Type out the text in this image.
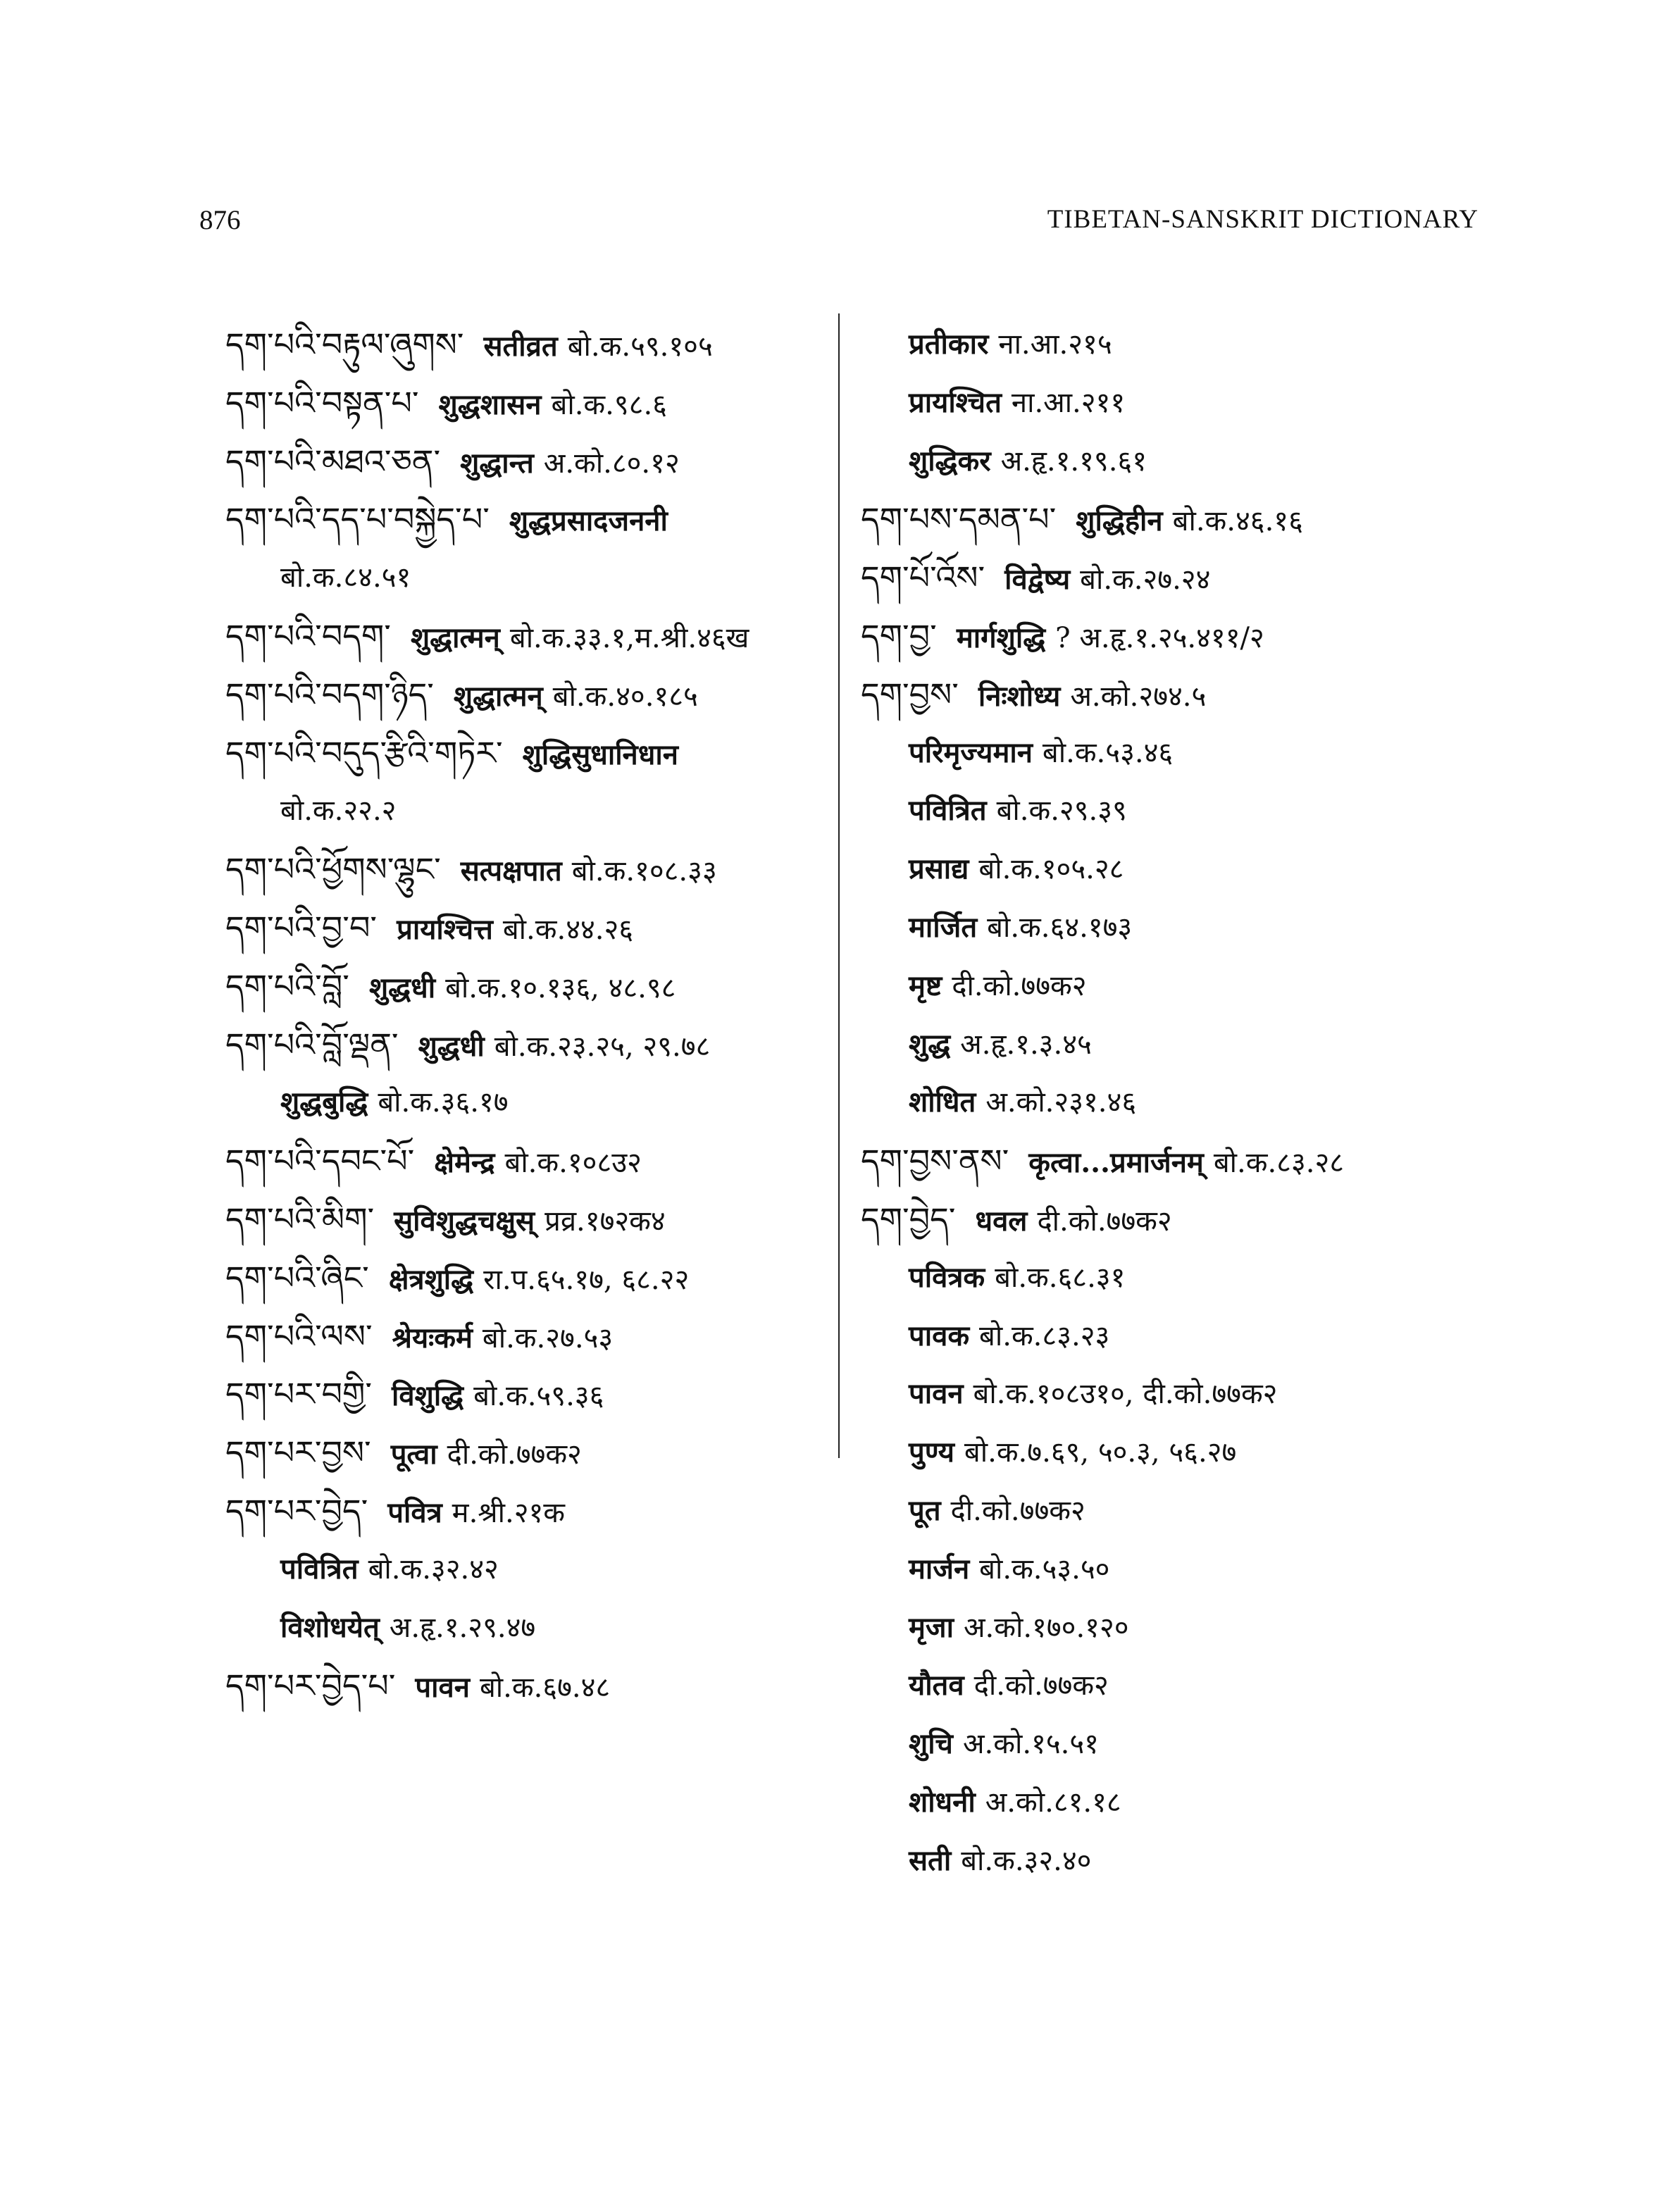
876	TIBETAN-SANSKRIT DICTIONARY
དག་པའི་བརྟུལ་ཞུགས་ सतीव्रत बो.क.५९.१०५
དག་པའི་བསྟན་པ་ शुद्धशासन बो.क.९८.६
དག་པའི་མཐའ་ཅན་ शुद्धान्त अ.को.८०.१२
དག་པའི་དད་པ་བསྐྱེད་པ་ शुद्धप्रसादजननी
बो.क.८४.५१
དག་པའི་བདག་ शुद्धात्मन् बो.क.३३.१,म.श्री.४६ख
དག་པའི་བདག་ཉིད་ शुद्धात्मन् बो.क.४०.१८५
དག་པའི་བདུད་རྩིའི་གཏེར་ शुद्धिसुधानिधान
बो.क.२२.२
དག་པའི་ཕྱོགས་ལྷུང་ सत्पक्षपात बो.क.१०८.३३
དག་པའི་བྱ་བ་ प्रायश्चित्त बो.क.४४.२६
དག་པའི་བློ་ शुद्धधी बो.क.१०.१३६, ४८.९८
དག་པའི་བློ་ལྡན་ शुद्धधी बो.क.२३.२५, २९.७८
शुद्धबुद्धि बो.क.३६.१७
དག་པའི་དབང་པོ་ क्षेमेन्द्र बो.क.१०८उ२
དག་པའི་མིག་ सुविशुद्धचक्षुस् प्रव्र.१७२क४
དག་པའི་ཞིང་ क्षेत्रशुद्धि रा.प.६५.१७, ६८.२२
དག་པའི་ལས་ श्रेयःकर्म बो.क.२७.५३
དག་པར་བགྱི་ विशुद्धि बो.क.५९.३६
དག་པར་བྱས་ पूत्वा दी.को.७७क२
དག་པར་བྱེད་ पवित्र म.श्री.२१क
पवित्रित बो.क.३२.४२
विशोधयेत् अ.हृ.१.२९.४७
དག་པར་བྱེད་པ་ पावन बो.क.६७.४८
प्रतीकार ना.आ.२१५
प्रायश्चित ना.आ.२११
शुद्धिकर अ.हृ.१.१९.६१
དག་པས་དམན་པ་ शुद्धिहीन बो.क.४६.१६
དག་པོ་འོས་ विद्वेष्य बो.क.२७.२४
དག་བྱ་ मार्गशुद्धि ? अ.हृ.१.२५.४११/२
དག་བྱས་ निःशोध्य अ.को.२७४.५
परिमृज्यमान बो.क.५३.४६
पवित्रित बो.क.२९.३९
प्रसाद्य बो.क.१०५.२८
मार्जित बो.क.६४.१७३
मृष्ट दी.को.७७क२
शुद्ध अ.हृ.१.३.४५
शोधित अ.को.२३१.४६
དག་བྱས་ནས་ कृत्वा...प्रमार्जनम् बो.क.८३.२८
དག་བྱེད་ धवल दी.को.७७क२
पवित्रक बो.क.६८.३१
पावक बो.क.८३.२३
पावन बो.क.१०८उ१०, दी.को.७७क२
पुण्य बो.क.७.६९, ५०.३, ५६.२७
पूत दी.को.७७क२
मार्जन बो.क.५३.५०
मृजा अ.को.१७०.१२०
यौतव दी.को.७७क२
शुचि अ.को.१५.५१
शोधनी अ.को.८१.१८
सती बो.क.३२.४०
